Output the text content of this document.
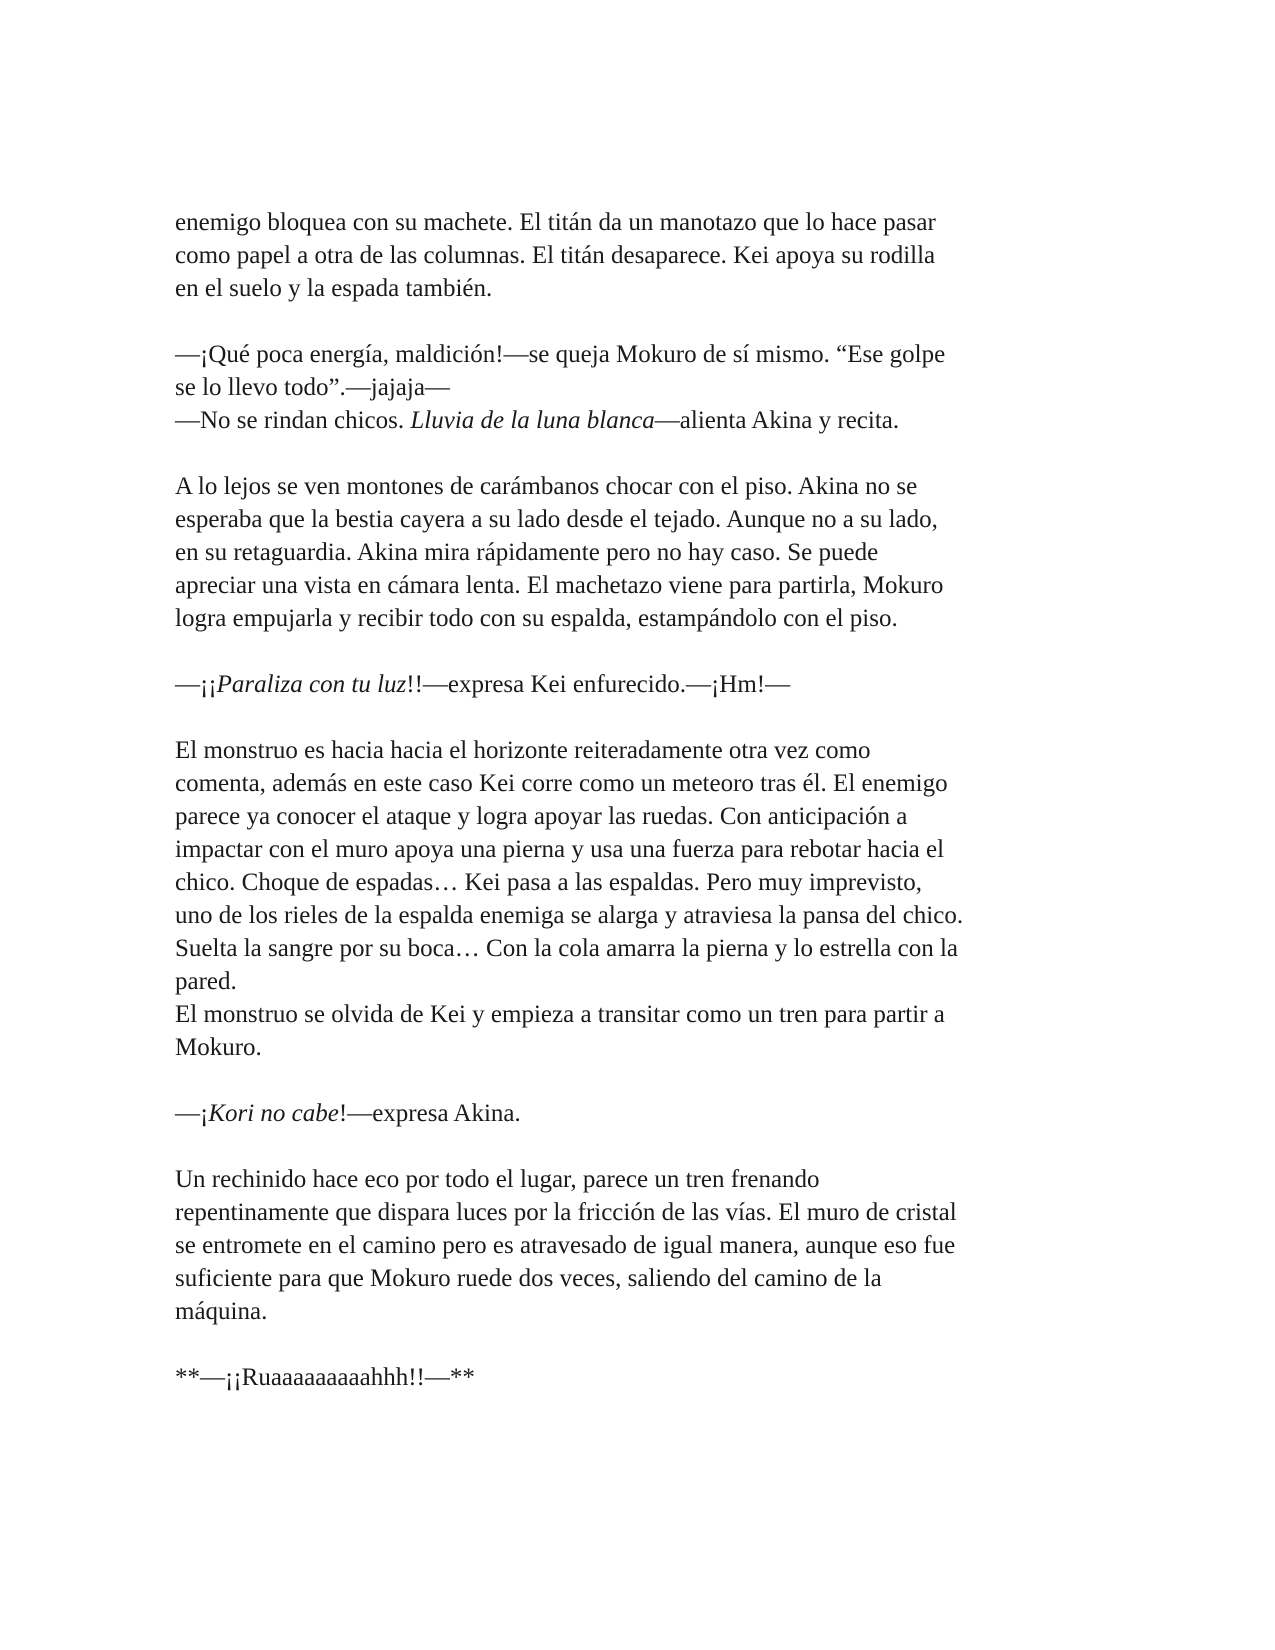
enemigo bloquea con su machete. El titán da un manotazo que lo hace pasar

como papel a otra de las columnas. El titán desaparece. Kei apoya su rodilla

en el suelo y la espada también.

—¡Qué poca energía, maldición!—se queja Mokuro de sí mismo. “Ese golpe

se lo llevo todo”.—jajaja—

—No se rindan chicos. Lluvia de la luna blanca—alienta Akina y recita.

A lo lejos se ven montones de carámbanos chocar con el piso. Akina no se

esperaba que la bestia cayera a su lado desde el tejado. Aunque no a su lado,

en su retaguardia. Akina mira rápidamente pero no hay caso. Se puede

apreciar una vista en cámara lenta. El machetazo viene para partirla, Mokuro

logra empujarla y recibir todo con su espalda, estampándolo con el piso.

—¡¡Paraliza con tu luz!!—expresa Kei enfurecido.—¡Hm!—

El monstruo es hacia hacia el horizonte reiteradamente otra vez como

comenta, además en este caso Kei corre como un meteoro tras él. El enemigo

parece ya conocer el ataque y logra apoyar las ruedas. Con anticipación a

impactar con el muro apoya una pierna y usa una fuerza para rebotar hacia el

chico. Choque de espadas… Kei pasa a las espaldas. Pero muy imprevisto,

uno de los rieles de la espalda enemiga se alarga y atraviesa la pansa del chico.

Suelta la sangre por su boca… Con la cola amarra la pierna y lo estrella con la

pared.

El monstruo se olvida de Kei y empieza a transitar como un tren para partir a

Mokuro.

—¡Kori no cabe!—expresa Akina.

Un rechinido hace eco por todo el lugar, parece un tren frenando

repentinamente que dispara luces por la fricción de las vías. El muro de cristal

se entromete en el camino pero es atravesado de igual manera, aunque eso fue

suficiente para que Mokuro ruede dos veces, saliendo del camino de la

máquina.

**—¡¡Ruaaaaaaaaahhh!!—**
